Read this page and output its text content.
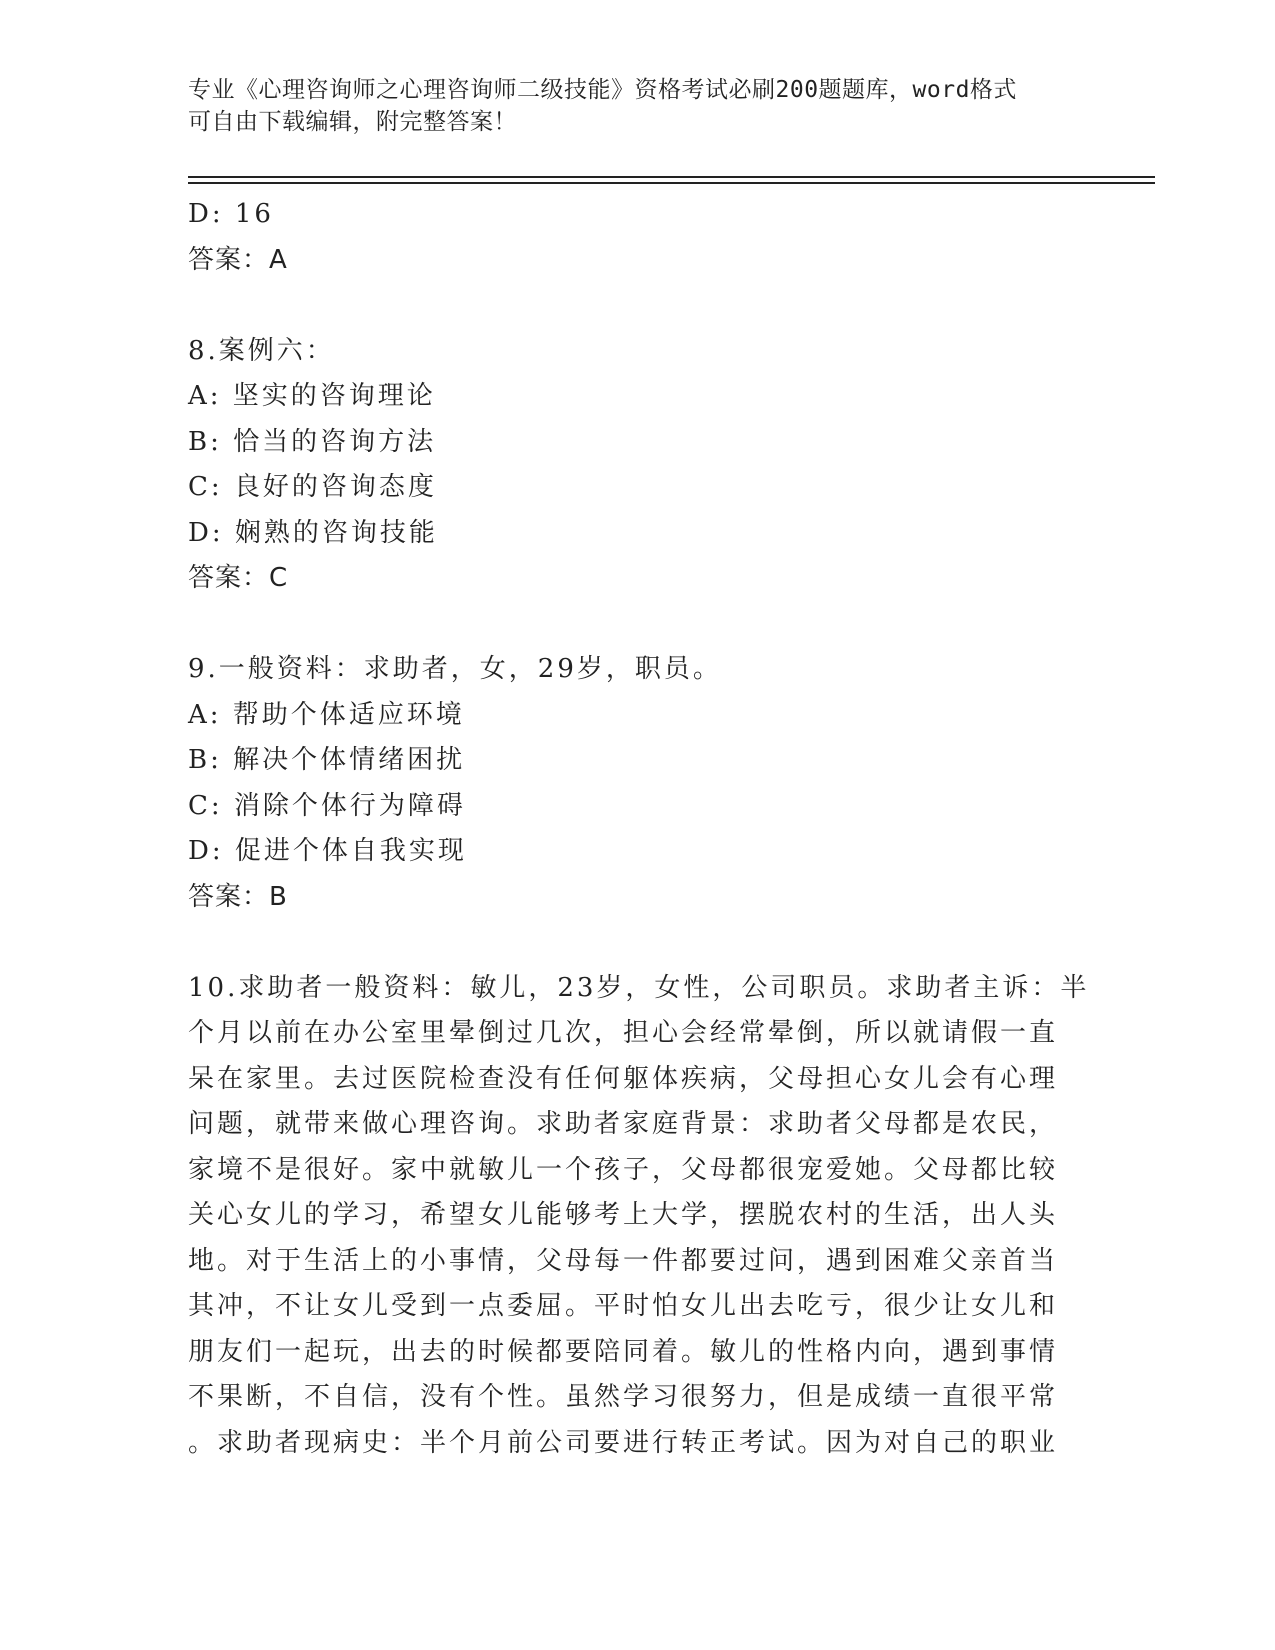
专业《心理咨询师之心理咨询师二级技能》资格考试必刷200题题库，word格式
可自由下载编辑，附完整答案！
D: 16
答案：A
8.案例六：
A: 坚实的咨询理论
B: 恰当的咨询方法
C: 良好的咨询态度
D: 娴熟的咨询技能
答案：C
9.一般资料：求助者，女，29岁，职员。
A: 帮助个体适应环境
B: 解决个体情绪困扰
C: 消除个体行为障碍
D: 促进个体自我实现
答案：B
10.求助者一般资料：敏儿，23岁，女性，公司职员。求助者主诉：半
个月以前在办公室里晕倒过几次，担心会经常晕倒，所以就请假一直
呆在家里。去过医院检查没有任何躯体疾病，父母担心女儿会有心理
问题，就带来做心理咨询。求助者家庭背景：求助者父母都是农民，
家境不是很好。家中就敏儿一个孩子，父母都很宠爱她。父母都比较
关心女儿的学习，希望女儿能够考上大学，摆脱农村的生活，出人头
地。对于生活上的小事情，父母每一件都要过问，遇到困难父亲首当
其冲，不让女儿受到一点委屈。平时怕女儿出去吃亏，很少让女儿和
朋友们一起玩，出去的时候都要陪同着。敏儿的性格内向，遇到事情
不果断，不自信，没有个性。虽然学习很努力，但是成绩一直很平常
。求助者现病史：半个月前公司要进行转正考试。因为对自己的职业
